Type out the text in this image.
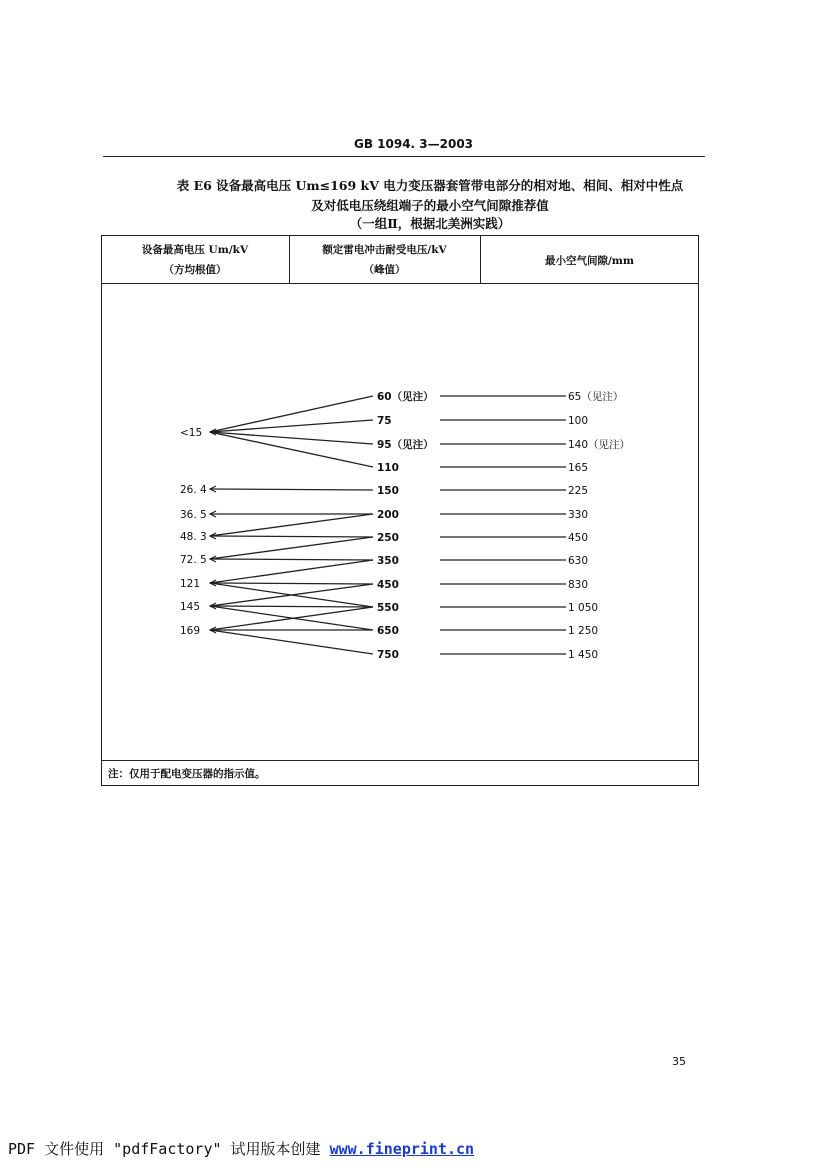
GB 1094. 3—2003
表 E6 设备最高电压 Um≤169 kV 电力变压器套管带电部分的相对地、相间、相对中性点
及对低电压绕组端子的最小空气间隙推荐值
（一组Ⅱ，根据北美洲实践）
设备最高电压 Um/kV
（方均根值）
额定雷电冲击耐受电压/kV
（峰值）
最小空气间隙/mm
<15
26. 4
36. 5
48. 3
72. 5
121
145
169
60（见注）
75
95（见注）
110
150
200
250
350
450
550
650
750
65（见注）
100
140（见注）
165
225
330
450
630
830
1 050
1 250
1 450
注：仅用于配电变压器的指示值。
35
PDF 文件使用 "pdfFactory" 试用版本创建 www.fineprint.cn
